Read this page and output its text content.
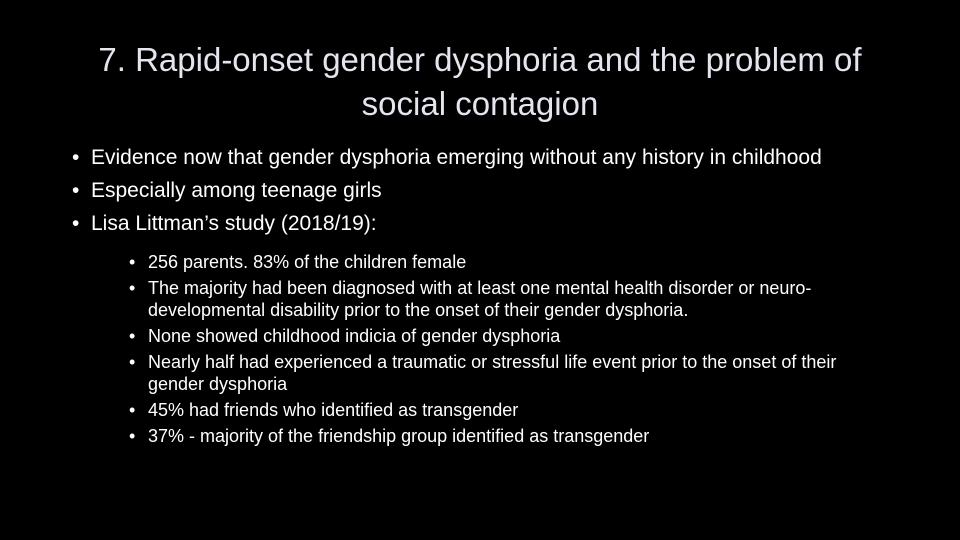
7. Rapid-onset gender dysphoria and the problem of social contagion
• Evidence now that gender dysphoria emerging without any history in childhood
• Especially among teenage girls
• Lisa Littman’s study (2018/19):
• 256 parents. 83% of the children female
• The majority had been diagnosed with at least one mental health disorder or neuro-developmental disability prior to the onset of their gender dysphoria.
• None showed childhood indicia of gender dysphoria
• Nearly half had experienced a traumatic or stressful life event prior to the onset of their gender dysphoria
• 45% had friends who identified as transgender
• 37% - majority of the friendship group identified as transgender
